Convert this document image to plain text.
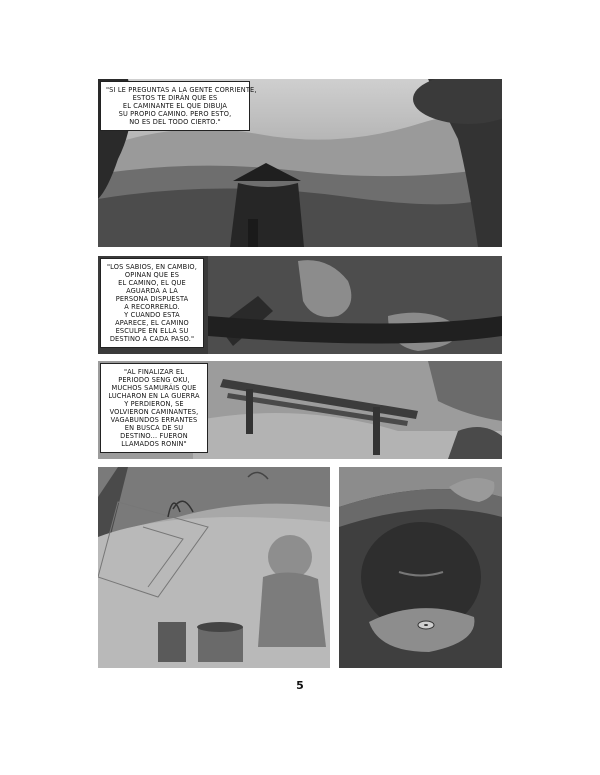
"SI LE PREGUNTAS A LA GENTE CORRIENTE,
ESTOS TE DIRÁN QUE ES
EL CAMINANTE EL QUE DIBUJA
SU PROPIO CAMINO. PERO ESTO,
NO ES DEL TODO CIERTO."
"LOS SABIOS, EN CAMBIO,
OPINAN QUE ES
EL CAMINO, EL QUE
AGUARDA A LA
PERSONA DISPUESTA
A RECORRERLO.
Y CUANDO ESTA
APARECE, EL CAMINO
ESCULPE EN ELLA SU
DESTINO A CADA PASO."
"AL FINALIZAR EL
PERIODO SENG OKU,
MUCHOS SAMURÁIS QUE
LUCHARON EN LA GUERRA
Y PERDIERON, SE
VOLVIERON CAMINANTES,
VAGABUNDOS ERRANTES
EN BUSCA DE SU
DESTINO... FUERON
LLAMADOS RONIN"
5
